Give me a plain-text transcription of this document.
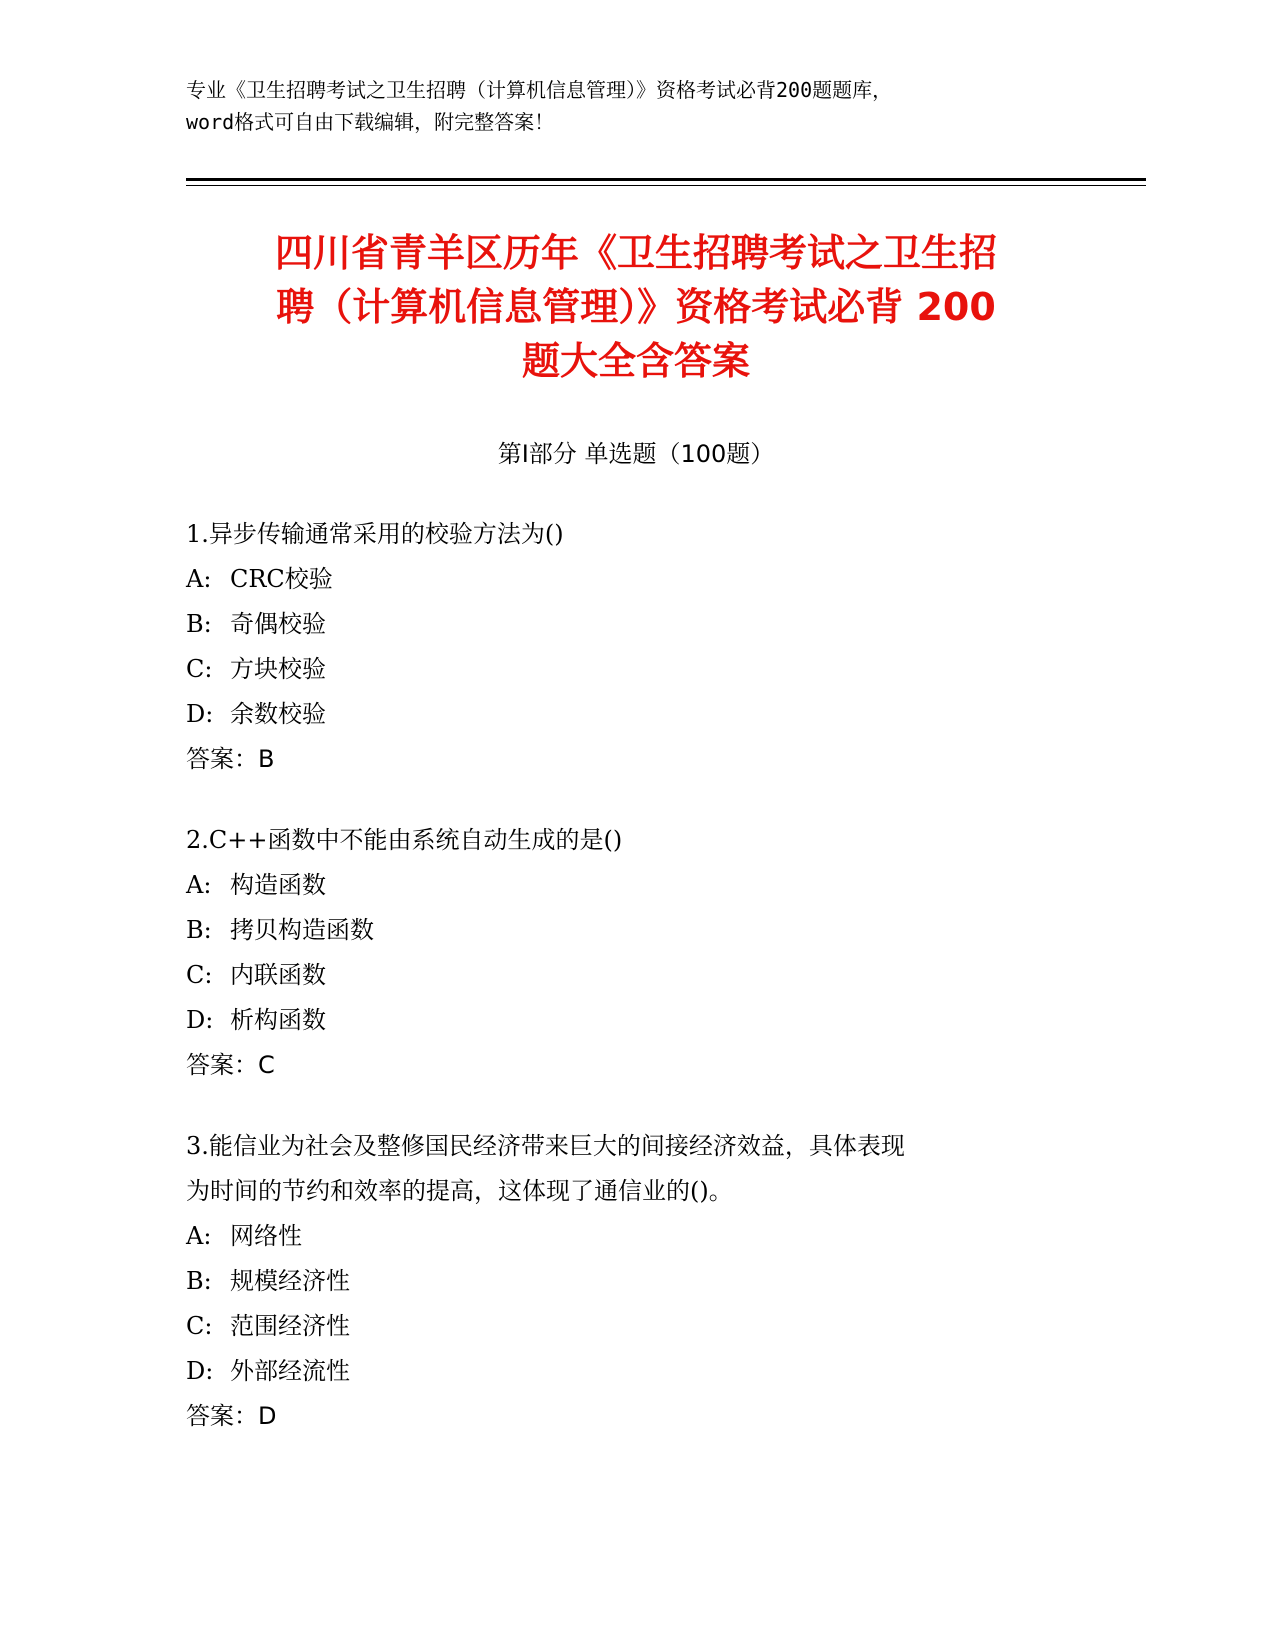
专业《卫生招聘考试之卫生招聘（计算机信息管理）》资格考试必背200题题库，
word格式可自由下载编辑，附完整答案！
四川省青羊区历年《卫生招聘考试之卫生招
聘（计算机信息管理）》资格考试必背 200
题大全含答案
第Ⅰ部分 单选题（100题）
1.异步传输通常采用的校验方法为()
A: CRC校验
B: 奇偶校验
C: 方块校验
D: 余数校验
答案：B
2.C++函数中不能由系统自动生成的是()
A: 构造函数
B: 拷贝构造函数
C: 内联函数
D: 析构函数
答案：C
3.能信业为社会及整修国民经济带来巨大的间接经济效益，具体表现
为时间的节约和效率的提高，这体现了通信业的()。
A: 网络性
B: 规模经济性
C: 范围经济性
D: 外部经流性
答案：D
